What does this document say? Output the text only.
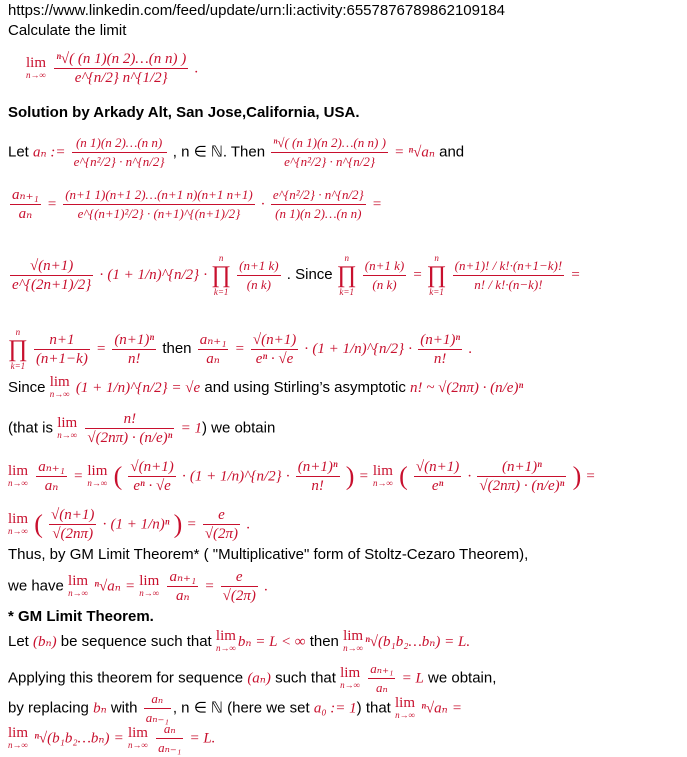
https://www.linkedin.com/feed/update/urn:li:activity:6557876789862109184
Calculate the limit
lim
n→∞
$\frac{\text{ⁿ√( (n 1)(n 2)…(n n) )}}{e\^{}\{n/2\} n\^{}\{1/2\}}$ .
Solution by Arkady Alt, San Jose,California, USA.
Let aₙ := $\frac{\text{(n 1)(n 2)…(n n)}}{\text{e\textasciicircum{}\{n²/2\} · n\textasciicircum{}\{n/2\}}}$ , n ∈ ℕ. Then $\frac{\text{ⁿ√( (n 1)(n 2)…(n n) )}}{\text{e\textasciicircum{}\{n²/2\} · n\textasciicircum{}\{n/2\}}} = ^n√a_n$ and
$\frac{\text{aₙ₊₁}}{\text{aₙ}} = \frac{(n+1 1)(n+1 2)\dots(n+1 n)(n+1 n+1)}{\text{e\textasciicircum{}\{(n+1)²/2\} · (n+1)\textasciicircum{}\{(n+1)/2\}}} \cdot \frac{\text{e\textasciicircum{}\{n²/2\} · n\textasciicircum{}\{n/2\}}}{\text{(n 1)(n 2)…(n n)}}$ =
$\frac{√(n+1)}{e\^{}\{(2n+1)/2\}} \cdot (1$ + 1/n)^{n/2} ·
n
∏
k=1
$\frac{(n+1 k)}{\text{(n k)}}$ . Since
n
∏
k=1
$\frac{(n+1 k)}{\text{(n k)}}$ =
n
∏
k=1
$\frac{(n+1)! / k!\cdot(n+1-k)!}{n! / k!\cdot(n-k)!}$ =
n
∏
k=1
$\frac{n+1}{(n+1-k)} = \frac{\text{(n+1)ⁿ}}{n!}$ then $\frac{\text{aₙ₊₁}}{\text{aₙ}} = \frac{√(n+1)}{\text{eⁿ · √e}} \cdot (1$ + 1/n)^{n/2} · $\frac{\text{(n+1)ⁿ}}{n!}$ .
Since lim
n→∞ (1 + 1/n)^{n/2} = √e and using Stirling’s asymptotic n! ~ √(2nπ) · (n/e)ⁿ
(that is lim
n→∞
$\frac{n!}{\text{√(2nπ) · (n/e)ⁿ}} = 1$) we obtain
lim
n→∞
$\frac{\text{aₙ₊₁}}{\text{aₙ}} = \lim$
n→∞ ( $\frac{√(n+1)}{\text{eⁿ · √e}} \cdot (1$ + 1/n)^{n/2} · $\frac{\text{(n+1)ⁿ}}{n!}$ ) = lim
n→∞ ( $\frac{√(n+1)}{\text{eⁿ}} \cdot \frac{\text{(n+1)ⁿ}}{\text{√(2nπ) · (n/e)ⁿ}}$ ) =
lim
n→∞ ( $\frac{√(n+1)}{√(2n\pi)} \cdot (1 + 1/n)^n$ ) = $\frac{e}{√(2\pi)}$ .
Thus, by GM Limit Theorem* ( "Multiplicative" form of Stoltz-Cezaro Theorem),
we have lim
n→∞ ⁿ√aₙ = lim
n→∞
$\frac{\text{aₙ₊₁}}{\text{aₙ}} = \frac{e}{√(2\pi)}$ .
* GM Limit Theorem.
Let (bₙ) be sequence such that lim
n→∞ bₙ = L < ∞ then lim
n→∞ ⁿ√(b₁b₂…bₙ) = L.
Applying this theorem for sequence (aₙ) such that lim
n→∞
$\frac{\text{aₙ₊₁}}{\text{aₙ}} = L$ we obtain,
by replacing bₙ with $\frac{\text{aₙ}}{\text{aₙ₋₁}}$ , n ∈ ℕ (here we set a₀ := 1) that lim
n→∞ ⁿ√aₙ =
lim
n→∞ ⁿ√(b₁b₂…bₙ) = lim
n→∞
$\frac{\text{aₙ}}{\text{aₙ₋₁}} = L$.
